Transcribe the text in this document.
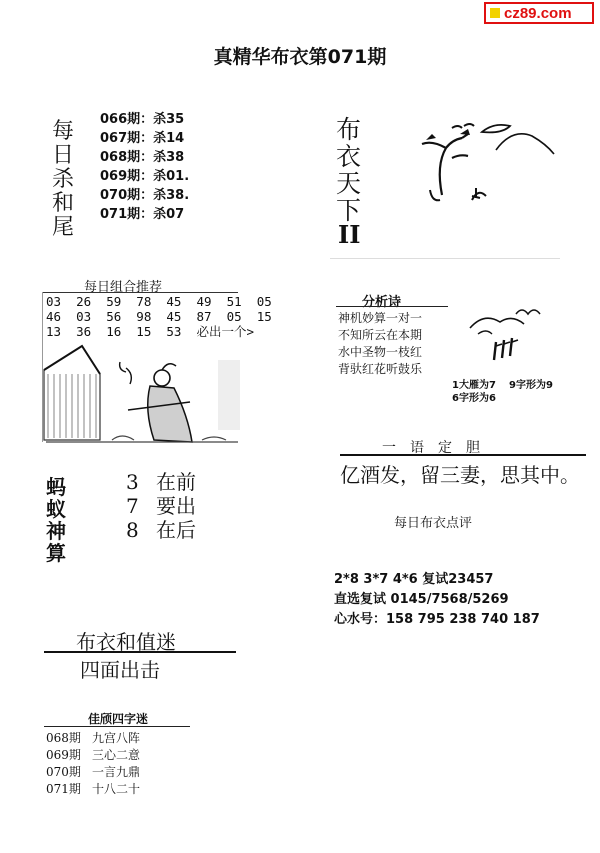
cz89.com
真精华布衣第071期
每日杀和尾
066期：杀35
067期：杀14
068期：杀38
069期：杀01.
070期：杀38.
071期：杀07
布衣天下
II
每日组合推荐
03  26  59  78  45  49  51  05
46  03  56  98  45  87  05  15
13  36  16  15  53  必出一个>
分析诗
神机妙算一对一
不知所云在本期
水中圣物一枝红
背驮红花听鼓乐
1大雁为7 9字形为9
6字形为6
蚂蚁神算
3 在前
7 要出
8 在后
一语定胆
亿酒发，留三妻，思其中。
每日布衣点评
2*8 3*7 4*6 复试23457
直选复试 0145/7568/5269
心水号：158 795 238 740 187
布衣和值迷
四面出击
佳颀四字迷
068期 九宫八阵
069期 三心二意
070期 一言九鼎
071期 十八二十
